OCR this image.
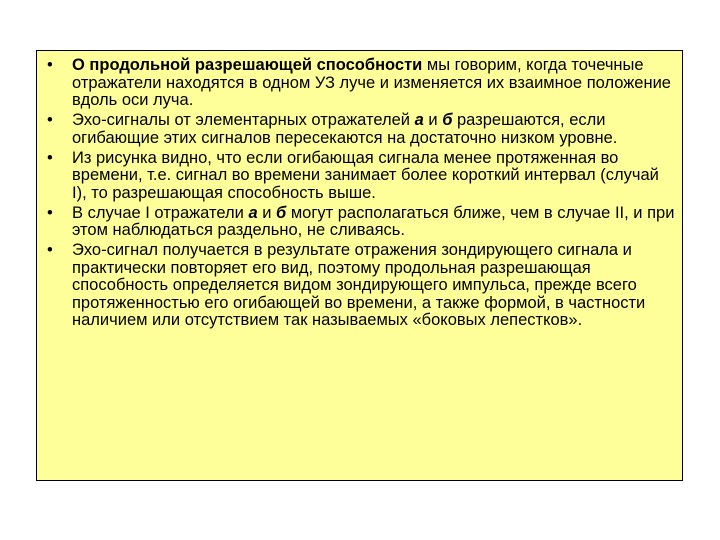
• О продольной разрешающей способности мы говорим, когда точечные отражатели находятся в одном УЗ луче и изменяется их взаимное положение вдоль оси луча.
• Эхо-сигналы от элементарных отражателей а и б разрешаются, если огибающие этих сигналов пересекаются на достаточно низком уровне.
• Из рисунка видно, что если огибающая сигнала менее протяженная во времени, т.е. сигнал во времени занимает более короткий интервал (случай I), то разрешающая способность выше.
• В случае I отражатели а и б могут располагаться ближе, чем в случае II, и при этом наблюдаться раздельно, не сливаясь.
• Эхо-сигнал получается в результате отражения зондирующего сигнала и практически повторяет его вид, поэтому продольная разрешающая способность определяется видом зондирующего импульса, прежде всего протяженностью его огибающей во времени, а также формой, в частности наличием или отсутствием так называемых «боковых лепестков».
